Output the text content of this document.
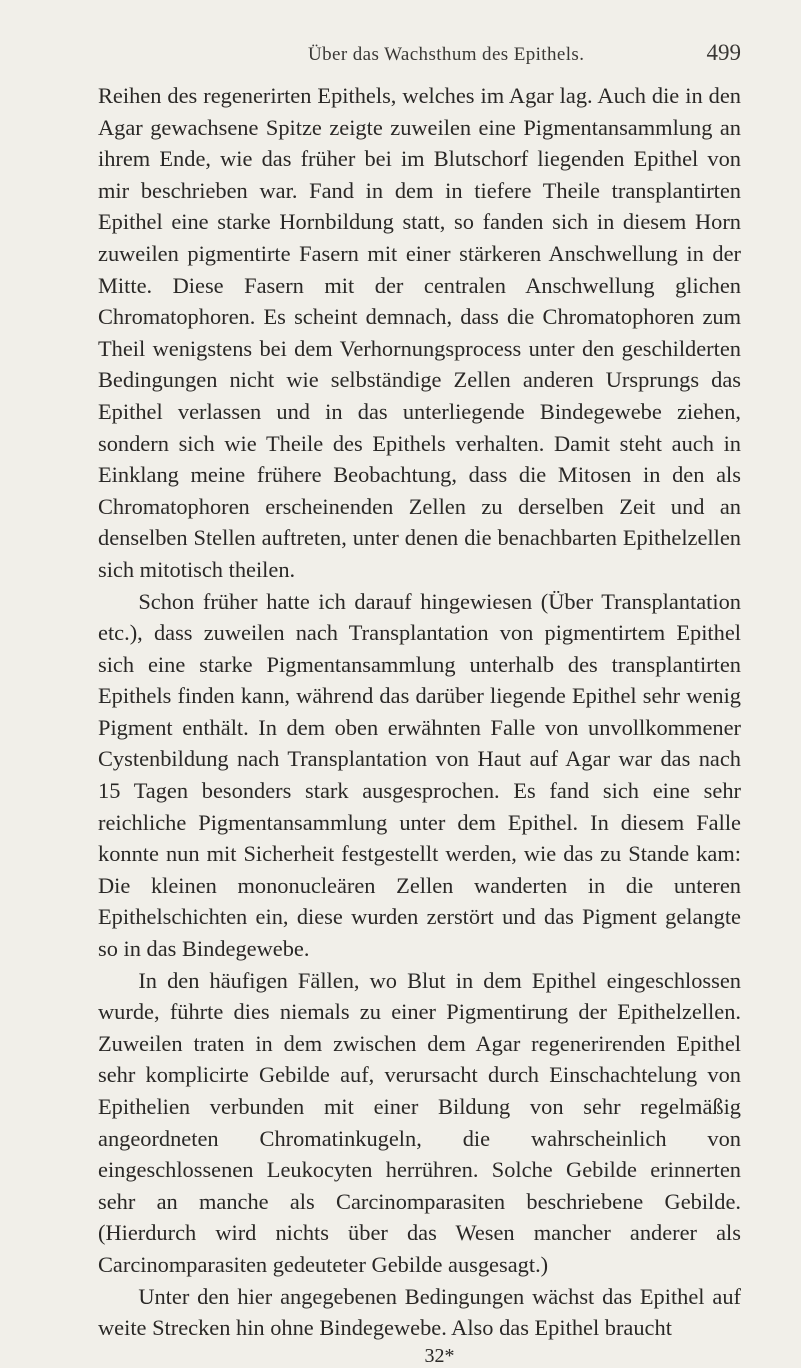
Über das Wachsthum des Epithels.	499

Reihen des regenerirten Epithels, welches im Agar lag. Auch die in den Agar gewachsene Spitze zeigte zuweilen eine Pigmentansammlung an ihrem Ende, wie das früher bei im Blutschorf liegenden Epithel von mir beschrieben war. Fand in dem in tiefere Theile transplantirten Epithel eine starke Hornbildung statt, so fanden sich in diesem Horn zuweilen pigmentirte Fasern mit einer stärkeren Anschwellung in der Mitte. Diese Fasern mit der centralen Anschwellung glichen Chromatophoren. Es scheint demnach, dass die Chromatophoren zum Theil wenigstens bei dem Verhornungsprocess unter den geschilderten Bedingungen nicht wie selbständige Zellen anderen Ursprungs das Epithel verlassen und in das unterliegende Bindegewebe ziehen, sondern sich wie Theile des Epithels verhalten. Damit steht auch in Einklang meine frühere Beobachtung, dass die Mitosen in den als Chromatophoren erscheinenden Zellen zu derselben Zeit und an denselben Stellen auftreten, unter denen die benachbarten Epithelzellen sich mitotisch theilen.

Schon früher hatte ich darauf hingewiesen (Über Transplantation etc.), dass zuweilen nach Transplantation von pigmentirtem Epithel sich eine starke Pigmentansammlung unterhalb des transplantirten Epithels finden kann, während das darüber liegende Epithel sehr wenig Pigment enthält. In dem oben erwähnten Falle von unvollkommener Cystenbildung nach Transplantation von Haut auf Agar war das nach 15 Tagen besonders stark ausgesprochen. Es fand sich eine sehr reichliche Pigmentansammlung unter dem Epithel. In diesem Falle konnte nun mit Sicherheit festgestellt werden, wie das zu Stande kam: Die kleinen mononucleären Zellen wanderten in die unteren Epithelschichten ein, diese wurden zerstört und das Pigment gelangte so in das Bindegewebe.

In den häufigen Fällen, wo Blut in dem Epithel eingeschlossen wurde, führte dies niemals zu einer Pigmentirung der Epithelzellen. Zuweilen traten in dem zwischen dem Agar regenerirenden Epithel sehr komplicirte Gebilde auf, verursacht durch Einschachtelung von Epithelien verbunden mit einer Bildung von sehr regelmäßig angeordneten Chromatinkugeln, die wahrscheinlich von eingeschlossenen Leukocyten herrühren. Solche Gebilde erinnerten sehr an manche als Carcinomparasiten beschriebene Gebilde. (Hierdurch wird nichts über das Wesen mancher anderer als Carcinomparasiten gedeuteter Gebilde ausgesagt.)

Unter den hier angegebenen Bedingungen wächst das Epithel auf weite Strecken hin ohne Bindegewebe. Also das Epithel braucht

32*
